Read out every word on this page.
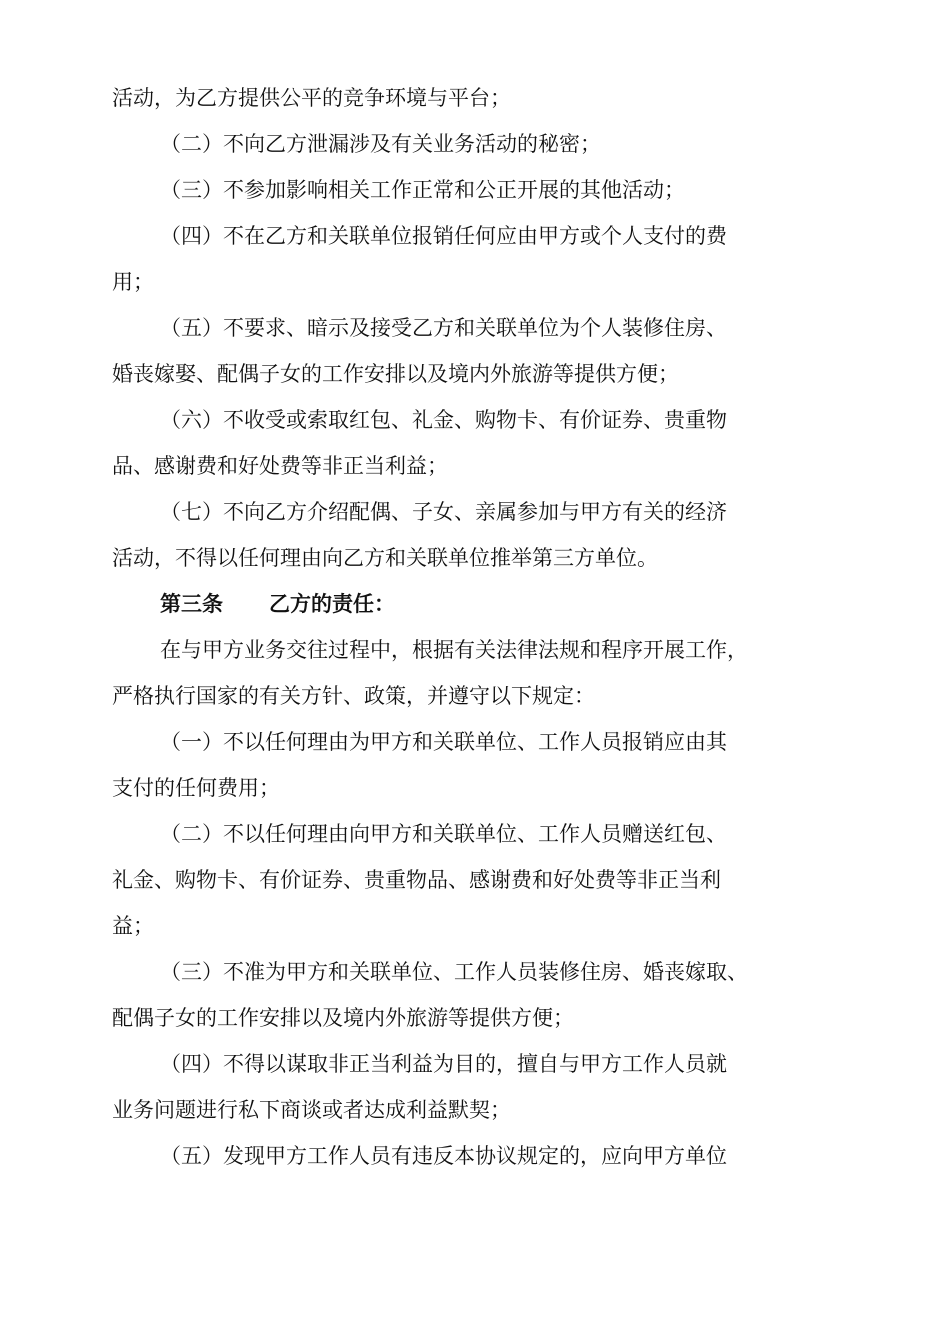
活动，为乙方提供公平的竞争环境与平台；
（二）不向乙方泄漏涉及有关业务活动的秘密；
（三）不参加影响相关工作正常和公正开展的其他活动；
（四）不在乙方和关联单位报销任何应由甲方或个人支付的费
用；
（五）不要求、暗示及接受乙方和关联单位为个人装修住房、
婚丧嫁娶、配偶子女的工作安排以及境内外旅游等提供方便；
（六）不收受或索取红包、礼金、购物卡、有价证券、贵重物
品、感谢费和好处费等非正当利益；
（七）不向乙方介绍配偶、子女、亲属参加与甲方有关的经济
活动，不得以任何理由向乙方和关联单位推举第三方单位。
第三条 乙方的责任：
在与甲方业务交往过程中，根据有关法律法规和程序开展工作，
严格执行国家的有关方针、政策，并遵守以下规定：
（一）不以任何理由为甲方和关联单位、工作人员报销应由其
支付的任何费用；
（二）不以任何理由向甲方和关联单位、工作人员赠送红包、
礼金、购物卡、有价证券、贵重物品、感谢费和好处费等非正当利
益；
（三）不准为甲方和关联单位、工作人员装修住房、婚丧嫁取、
配偶子女的工作安排以及境内外旅游等提供方便；
（四）不得以谋取非正当利益为目的，擅自与甲方工作人员就
业务问题进行私下商谈或者达成利益默契；
（五）发现甲方工作人员有违反本协议规定的，应向甲方单位
